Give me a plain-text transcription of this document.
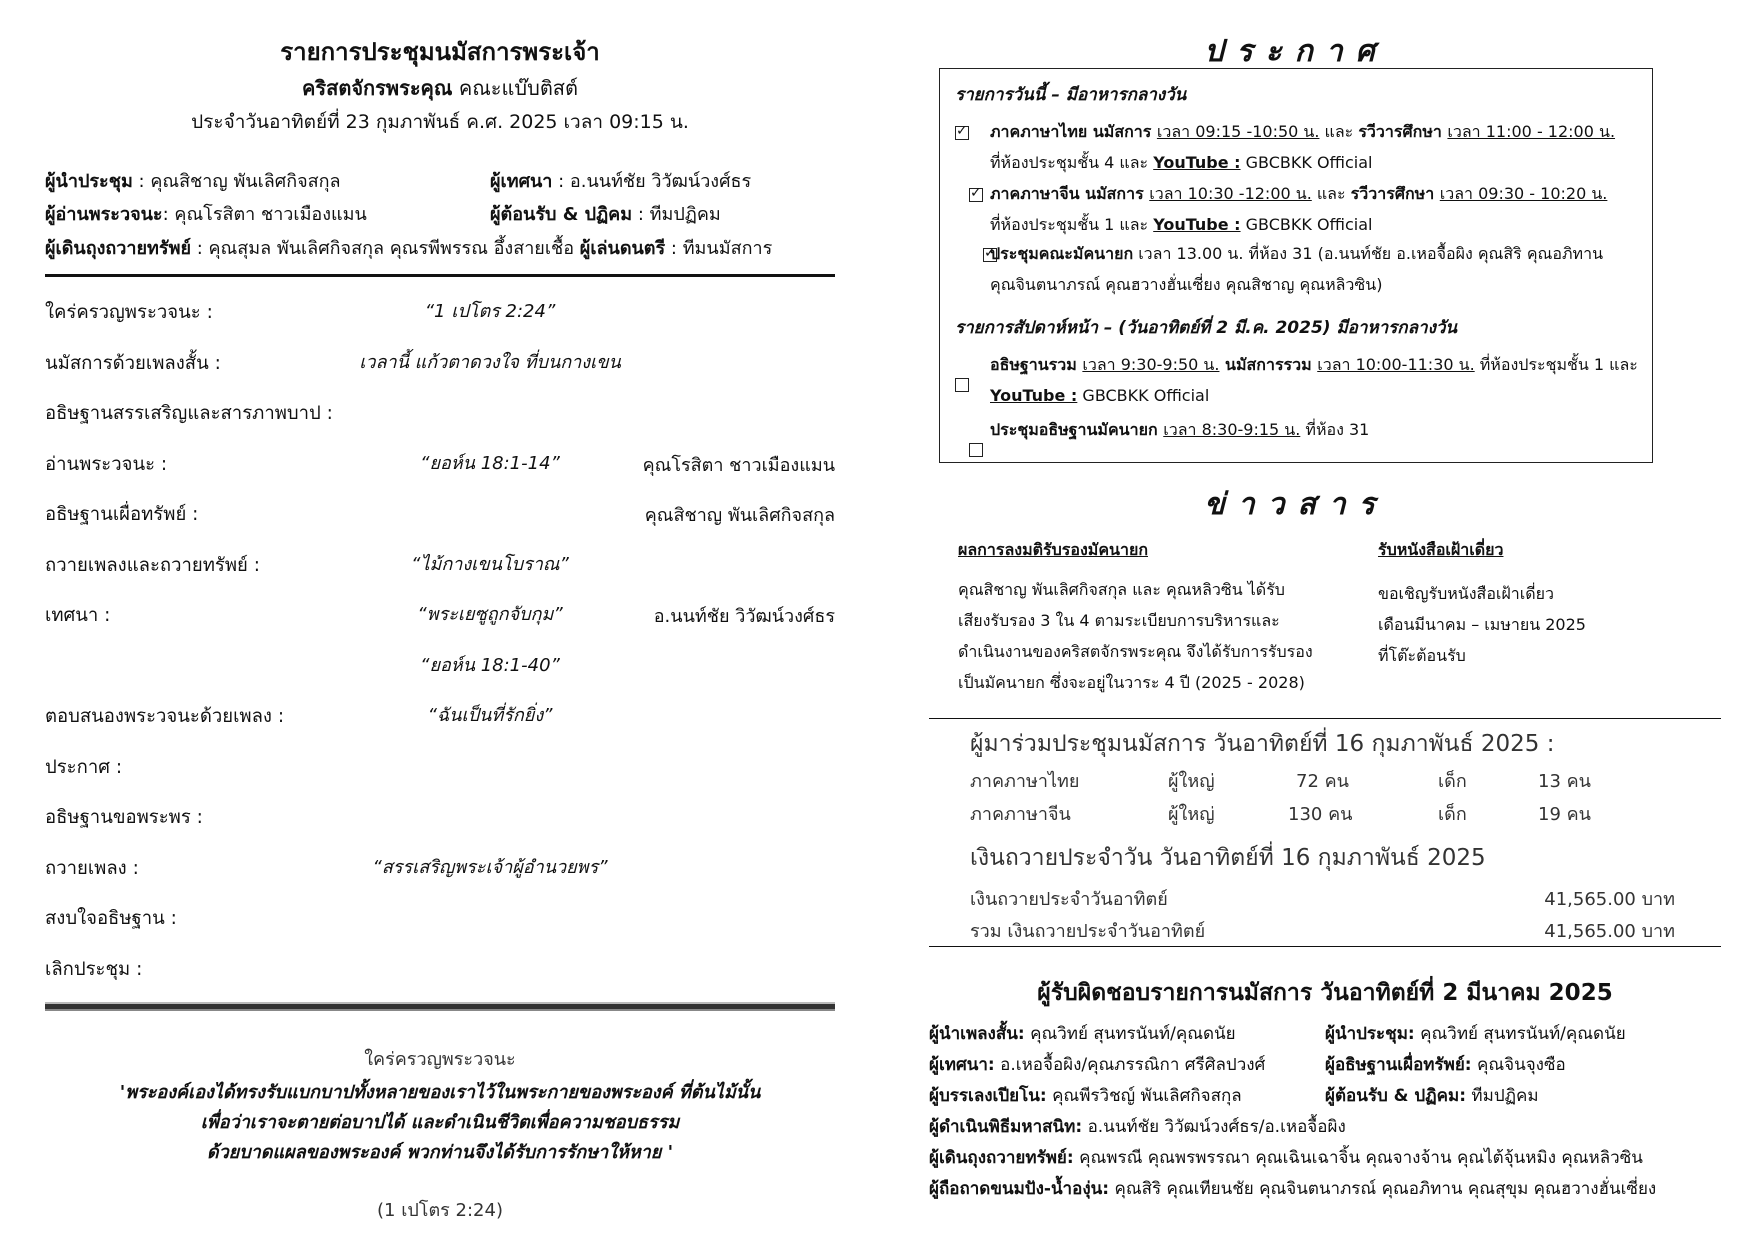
รายการประชุมนมัสการพระเจ้า
คริสตจักรพระคุณ คณะแบ๊บติสต์
ประจำวันอาทิตย์ที่ 23 กุมภาพันธ์ ค.ศ. 2025 เวลา 09:15 น.
ผู้นำประชุม : คุณสิชาญ พันเลิศกิจสกุล	ผู้เทศนา : อ.นนท์ชัย วิวัฒน์วงศ์ธร
ผู้อ่านพระวจนะ: คุณโรสิตา ชาวเมืองแมน	ผู้ต้อนรับ & ปฏิคม : ทีมปฏิคม
ผู้เดินถุงถวายทรัพย์ : คุณสุมล พันเลิศกิจสกุล คุณรพีพรรณ อึ้งสายเชื้อ ผู้เล่นดนตรี : ทีมนมัสการ
ใคร่ครวญพระวจนะ :	“1 เปโตร 2:24”
นมัสการด้วยเพลงสั้น :	เวลานี้ แก้วตาดวงใจ ที่บนกางเขน
อธิษฐานสรรเสริญและสารภาพบาป :
อ่านพระวจนะ :	“ยอห์น 18:1-14”	คุณโรสิตา ชาวเมืองแมน
อธิษฐานเผื่อทรัพย์ :	คุณสิชาญ พันเลิศกิจสกุล
ถวายเพลงและถวายทรัพย์ :	“ไม้กางเขนโบราณ”
เทศนา :	“พระเยซูถูกจับกุม”	อ.นนท์ชัย วิวัฒน์วงศ์ธร
“ยอห์น 18:1-40”
ตอบสนองพระวจนะด้วยเพลง :	“ฉันเป็นที่รักยิ่ง”
ประกาศ :
อธิษฐานขอพระพร :
ถวายเพลง :	“สรรเสริญพระเจ้าผู้อำนวยพร”
สงบใจอธิษฐาน :
เลิกประชุม :
ใคร่ครวญพระวจนะ
'พระองค์เองได้ทรงรับแบกบาปทั้งหลายของเราไว้ในพระกายของพระองค์ ที่ต้นไม้นั้น
เพื่อว่าเราจะตายต่อบาปได้ และดำเนินชีวิตเพื่อความชอบธรรม
ด้วยบาดแผลของพระองค์ พวกท่านจึงได้รับการรักษาให้หาย '
(1 เปโตร 2:24)
ประกาศ
รายการวันนี้ – มีอาหารกลางวัน
✓
ภาคภาษาไทย นมัสการ เวลา 09:15 -10:50 น. และ รวีวารศึกษา เวลา 11:00 - 12:00 น.
ที่ห้องประชุมชั้น 4 และ YouTube : GBCBKK Official
✓
ภาคภาษาจีน นมัสการ เวลา 10:30 -12:00 น. และ รวีวารศึกษา เวลา 09:30 - 10:20 น.
ที่ห้องประชุมชั้น 1 และ YouTube : GBCBKK Official
✓
ประชุมคณะมัคนายก เวลา 13.00 น. ที่ห้อง 31 (อ.นนท์ชัย อ.เหอจื้อผิง คุณสิริ คุณอภิทาน
คุณจินตนาภรณ์ คุณฮวางฮั่นเซี่ยง คุณสิชาญ คุณหลิวซิน)
รายการสัปดาห์หน้า – (วันอาทิตย์ที่ 2 มี.ค. 2025) มีอาหารกลางวัน
อธิษฐานรวม เวลา 9:30-9:50 น. นมัสการรวม เวลา 10:00-11:30 น. ที่ห้องประชุมชั้น 1 และ
YouTube : GBCBKK Official
ประชุมอธิษฐานมัคนายก เวลา 8:30-9:15 น. ที่ห้อง 31
ข่าวสาร
ผลการลงมติรับรองมัคนายก
คุณสิชาญ พันเลิศกิจสกุล และ คุณหลิวซิน ได้รับ
เสียงรับรอง 3 ใน 4 ตามระเบียบการบริหารและ
ดำเนินงานของคริสตจักรพระคุณ จึงได้รับการรับรอง
เป็นมัคนายก ซึ่งจะอยู่ในวาระ 4 ปี (2025 - 2028)
รับหนังสือเฝ้าเดี่ยว
ขอเชิญรับหนังสือเฝ้าเดี่ยว
เดือนมีนาคม – เมษายน 2025
ที่โต๊ะต้อนรับ
ผู้มาร่วมประชุมนมัสการ วันอาทิตย์ที่ 16 กุมภาพันธ์ 2025 :
ภาคภาษาไทย	ผู้ใหญ่	72 คน	เด็ก	13 คน
ภาคภาษาจีน	ผู้ใหญ่	130 คน	เด็ก	19 คน
เงินถวายประจำวัน วันอาทิตย์ที่ 16 กุมภาพันธ์ 2025
เงินถวายประจำวันอาทิตย์	41,565.00 บาท
รวม เงินถวายประจำวันอาทิตย์	41,565.00 บาท
ผู้รับผิดชอบรายการนมัสการ วันอาทิตย์ที่ 2 มีนาคม 2025
ผู้นำเพลงสั้น: คุณวิทย์ สุนทรนันท์/คุณดนัย	ผู้นำประชุม: คุณวิทย์ สุนทรนันท์/คุณดนัย
ผู้เทศนา: อ.เหอจื้อผิง/คุณภรรณิกา ศรีศิลปวงศ์	ผู้อธิษฐานเผื่อทรัพย์: คุณจินจุงซือ
ผู้บรรเลงเปียโน: คุณพีรวิชญ์ พันเลิศกิจสกุล	ผู้ต้อนรับ & ปฏิคม: ทีมปฏิคม
ผู้ดำเนินพิธีมหาสนิท: อ.นนท์ชัย วิวัฒน์วงศ์ธร/อ.เหอจื้อผิง
ผู้เดินถุงถวายทรัพย์: คุณพรณี คุณพรพรรณา คุณเฉินเฉาจิ้น คุณจางจ้าน คุณไต้จุ้นหมิง คุณหลิวซิน
ผู้ถือถาดขนมปัง-น้ำองุ่น: คุณสิริ คุณเทียนชัย คุณจินตนาภรณ์ คุณอภิทาน คุณสุขุม คุณฮวางฮั่นเซี่ยง
